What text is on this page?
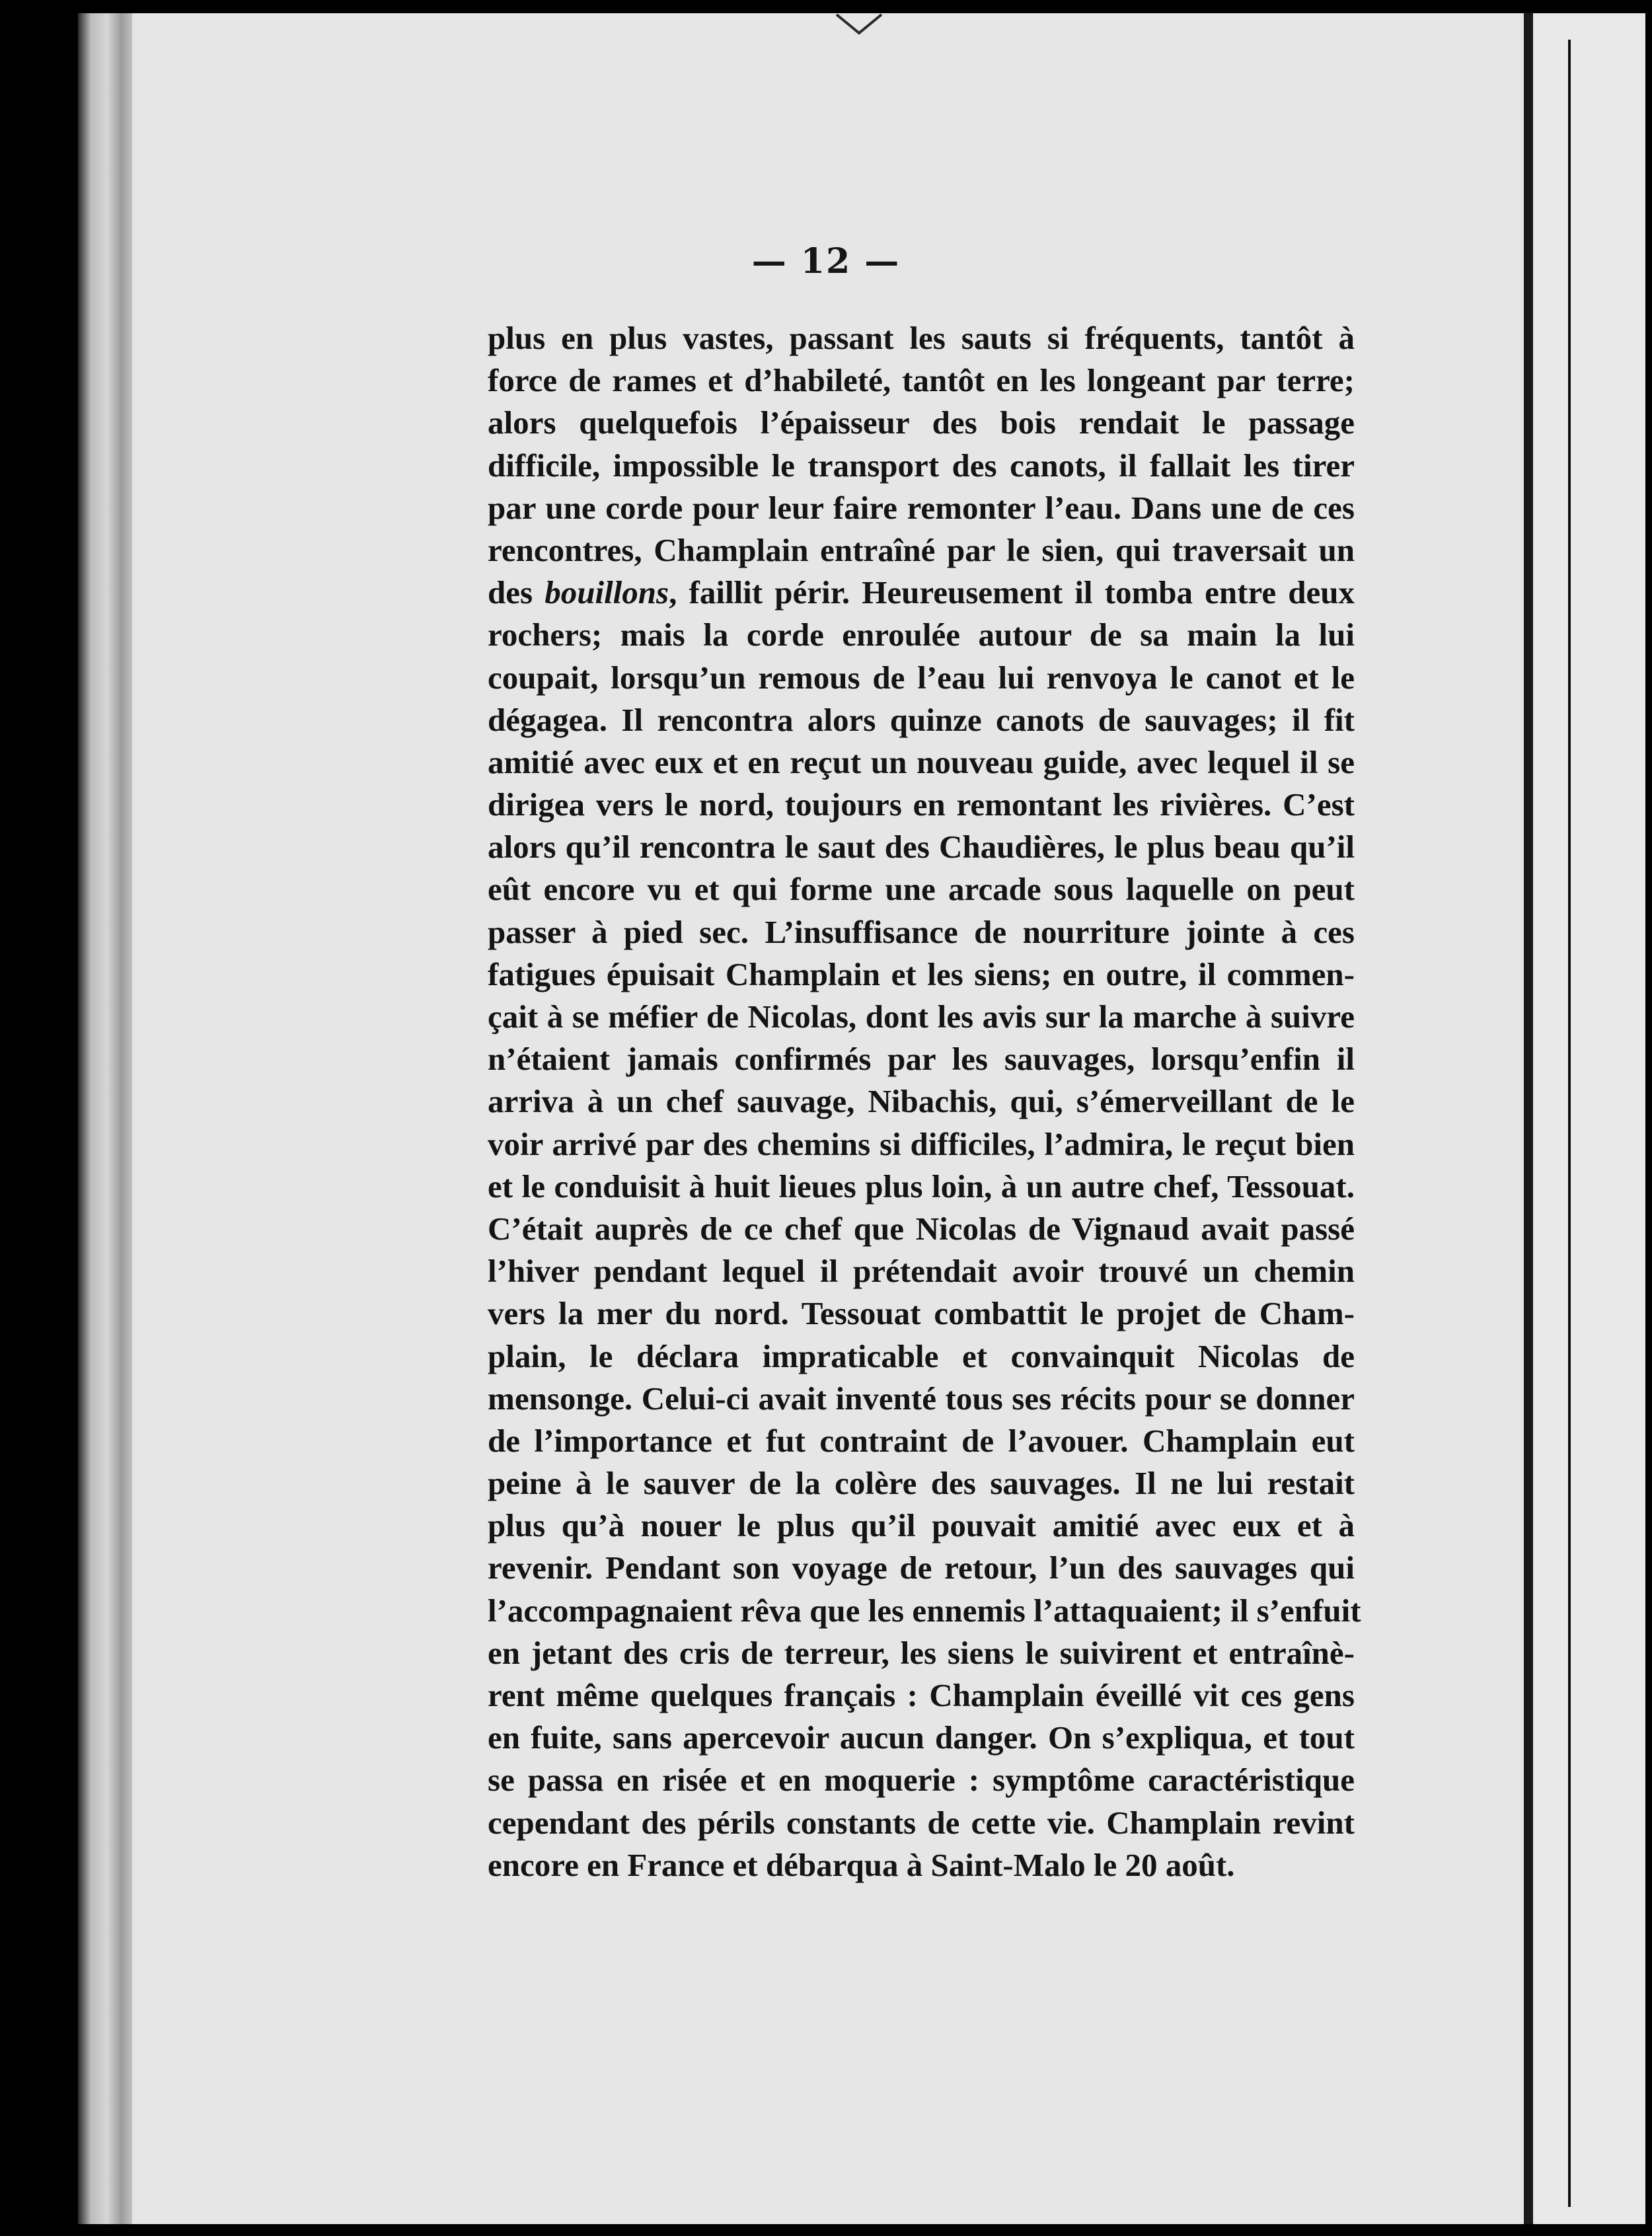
— 12 —
plus en plus vastes, passant les sauts si fréquents, tantôt à
force de rames et d’habileté, tantôt en les longeant par terre;
alors quelquefois l’épaisseur des bois rendait le passage
difficile, impossible le transport des canots, il fallait les tirer
par une corde pour leur faire remonter l’eau. Dans une de ces
rencontres, Champlain entraîné par le sien, qui traversait un
des bouillons, faillit périr. Heureusement il tomba entre deux
rochers; mais la corde enroulée autour de sa main la lui
coupait, lorsqu’un remous de l’eau lui renvoya le canot et le
dégagea. Il rencontra alors quinze canots de sauvages; il fit
amitié avec eux et en reçut un nouveau guide, avec lequel il se
dirigea vers le nord, toujours en remontant les rivières. C’est
alors qu’il rencontra le saut des Chaudières, le plus beau qu’il
eût encore vu et qui forme une arcade sous laquelle on peut
passer à pied sec. L’insuffisance de nourriture jointe à ces
fatigues épuisait Champlain et les siens; en outre, il commen-
çait à se méfier de Nicolas, dont les avis sur la marche à suivre
n’étaient jamais confirmés par les sauvages, lorsqu’enfin il
arriva à un chef sauvage, Nibachis, qui, s’émerveillant de le
voir arrivé par des chemins si difficiles, l’admira, le reçut bien
et le conduisit à huit lieues plus loin, à un autre chef, Tessouat.
C’était auprès de ce chef que Nicolas de Vignaud avait passé
l’hiver pendant lequel il prétendait avoir trouvé un chemin
vers la mer du nord. Tessouat combattit le projet de Cham-
plain, le déclara impraticable et convainquit Nicolas de
mensonge. Celui-ci avait inventé tous ses récits pour se donner
de l’importance et fut contraint de l’avouer. Champlain eut
peine à le sauver de la colère des sauvages. Il ne lui restait
plus qu’à nouer le plus qu’il pouvait amitié avec eux et à
revenir. Pendant son voyage de retour, l’un des sauvages qui
l’accompagnaient rêva que les ennemis l’attaquaient; il s’enfuit
en jetant des cris de terreur, les siens le suivirent et entraînè-
rent même quelques français : Champlain éveillé vit ces gens
en fuite, sans apercevoir aucun danger. On s’expliqua, et tout
se passa en risée et en moquerie : symptôme caractéristique
cependant des périls constants de cette vie. Champlain revint
encore en France et débarqua à Saint-Malo le 20 août.
